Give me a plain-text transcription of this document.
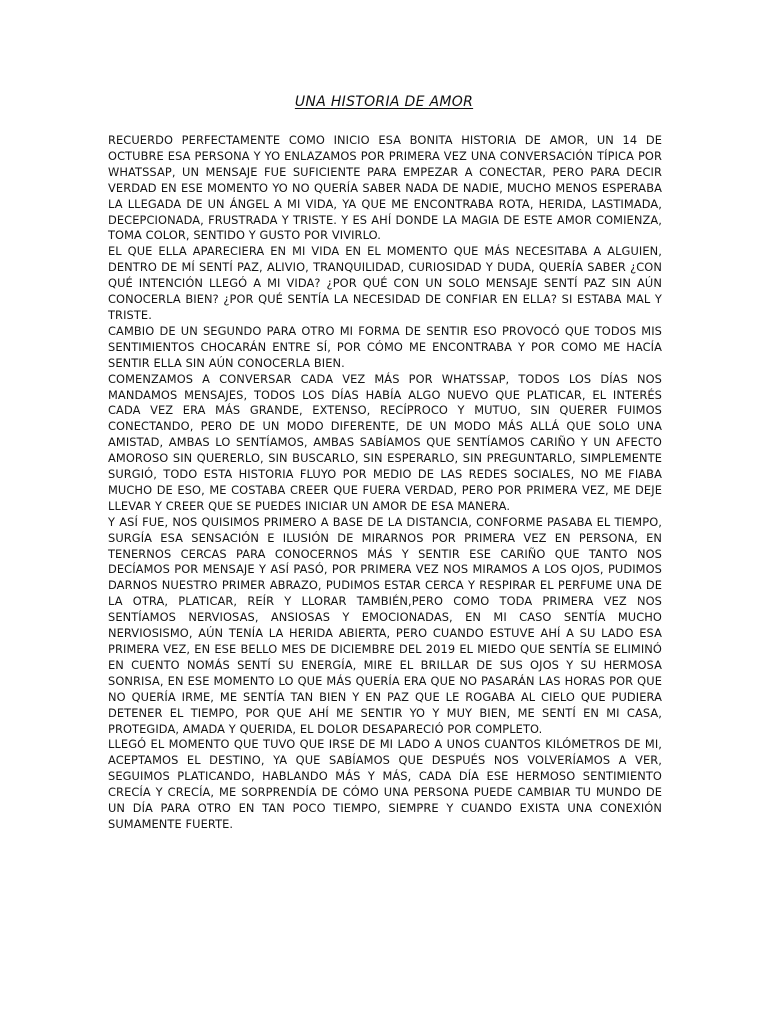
UNA HISTORIA DE AMOR

RECUERDO PERFECTAMENTE COMO INICIO ESA BONITA HISTORIA DE AMOR, UN 14 DE OCTUBRE ESA PERSONA Y YO ENLAZAMOS POR PRIMERA VEZ UNA CONVERSACIÓN TÍPICA POR WHATSSAP, UN MENSAJE FUE SUFICIENTE PARA EMPEZAR A CONECTAR, PERO PARA DECIR VERDAD EN ESE MOMENTO YO NO QUERÍA SABER NADA DE NADIE, MUCHO MENOS ESPERABA LA LLEGADA DE UN ÁNGEL A MI VIDA, YA QUE ME ENCONTRABA ROTA, HERIDA, LASTIMADA, DECEPCIONADA, FRUSTRADA Y TRISTE. Y ES AHÍ DONDE LA MAGIA DE ESTE AMOR COMIENZA, TOMA COLOR, SENTIDO Y GUSTO POR VIVIRLO.

EL QUE ELLA APARECIERA EN MI VIDA EN EL MOMENTO QUE MÁS NECESITABA A ALGUIEN, DENTRO DE MÍ SENTÍ PAZ, ALIVIO, TRANQUILIDAD, CURIOSIDAD Y DUDA, QUERÍA SABER ¿CON QUÉ INTENCIÓN LLEGÓ A MI VIDA? ¿POR QUÉ CON UN SOLO MENSAJE SENTÍ PAZ SIN AÚN CONOCERLA BIEN? ¿POR QUÉ SENTÍA LA NECESIDAD DE CONFIAR EN ELLA? SI ESTABA MAL Y TRISTE.

CAMBIO DE UN SEGUNDO PARA OTRO MI FORMA DE SENTIR ESO PROVOCÓ QUE TODOS MIS SENTIMIENTOS CHOCARÁN ENTRE SÍ, POR CÓMO ME ENCONTRABA Y POR COMO ME HACÍA SENTIR ELLA SIN AÚN CONOCERLA BIEN.

COMENZAMOS A CONVERSAR CADA VEZ MÁS POR WHATSSAP, TODOS LOS DÍAS NOS MANDAMOS MENSAJES, TODOS LOS DÍAS HABÍA ALGO NUEVO QUE PLATICAR, EL INTERÉS CADA VEZ ERA MÁS GRANDE, EXTENSO, RECÍPROCO Y MUTUO, SIN QUERER FUIMOS CONECTANDO, PERO DE UN MODO DIFERENTE, DE UN MODO MÁS ALLÁ QUE SOLO UNA AMISTAD, AMBAS LO SENTÍAMOS, AMBAS SABÍAMOS QUE SENTÍAMOS CARIÑO Y UN AFECTO AMOROSO SIN QUERERLO, SIN BUSCARLO, SIN ESPERARLO, SIN PREGUNTARLO, SIMPLEMENTE SURGIÓ, TODO ESTA HISTORIA FLUYO POR MEDIO DE LAS REDES SOCIALES, NO ME FIABA MUCHO DE ESO, ME COSTABA CREER QUE FUERA VERDAD, PERO POR PRIMERA VEZ, ME DEJE LLEVAR Y CREER QUE SE PUEDES INICIAR UN AMOR DE ESA MANERA.

Y ASÍ FUE, NOS QUISIMOS PRIMERO A BASE DE LA DISTANCIA, CONFORME PASABA EL TIEMPO, SURGÍA ESA SENSACIÓN E ILUSIÓN DE MIRARNOS POR PRIMERA VEZ EN PERSONA, EN TENERNOS CERCAS PARA CONOCERNOS MÁS Y SENTIR ESE CARIÑO QUE TANTO NOS DECÍAMOS POR MENSAJE Y ASÍ PASÓ, POR PRIMERA VEZ NOS MIRAMOS A LOS OJOS, PUDIMOS DARNOS NUESTRO PRIMER ABRAZO, PUDIMOS ESTAR CERCA Y RESPIRAR EL PERFUME UNA DE LA OTRA, PLATICAR, REÍR Y LLORAR TAMBIÉN,PERO COMO TODA PRIMERA VEZ NOS SENTÍAMOS NERVIOSAS, ANSIOSAS Y EMOCIONADAS, EN MI CASO SENTÍA MUCHO NERVIOSISMO, AÚN TENÍA LA HERIDA ABIERTA, PERO CUANDO ESTUVE AHÍ A SU LADO ESA PRIMERA VEZ, EN ESE BELLO MES DE DICIEMBRE DEL 2019 EL MIEDO QUE SENTÍA SE ELIMINÓ EN CUENTO NOMÁS SENTÍ SU ENERGÍA, MIRE EL BRILLAR DE SUS OJOS Y SU HERMOSA SONRISA, EN ESE MOMENTO LO QUE MÁS QUERÍA ERA QUE NO PASARÁN LAS HORAS POR QUE NO QUERÍA IRME, ME SENTÍA TAN BIEN Y EN PAZ QUE LE ROGABA AL CIELO QUE PUDIERA DETENER EL TIEMPO, POR QUE AHÍ ME SENTIR YO Y MUY BIEN, ME SENTÍ EN MI CASA, PROTEGIDA, AMADA Y QUERIDA, EL DOLOR DESAPARECIÓ POR COMPLETO.

LLEGÓ EL MOMENTO QUE TUVO QUE IRSE DE MI LADO A UNOS CUANTOS KILÓMETROS DE MI, ACEPTAMOS EL DESTINO, YA QUE SABÍAMOS QUE DESPUÉS NOS VOLVERÍAMOS A VER, SEGUIMOS PLATICANDO, HABLANDO MÁS Y MÁS, CADA DÍA ESE HERMOSO SENTIMIENTO CRECÍA Y CRECÍA, ME SORPRENDÍA DE CÓMO UNA PERSONA PUEDE CAMBIAR TU MUNDO DE UN DÍA PARA OTRO EN TAN POCO TIEMPO, SIEMPRE Y CUANDO EXISTA UNA CONEXIÓN SUMAMENTE FUERTE.
